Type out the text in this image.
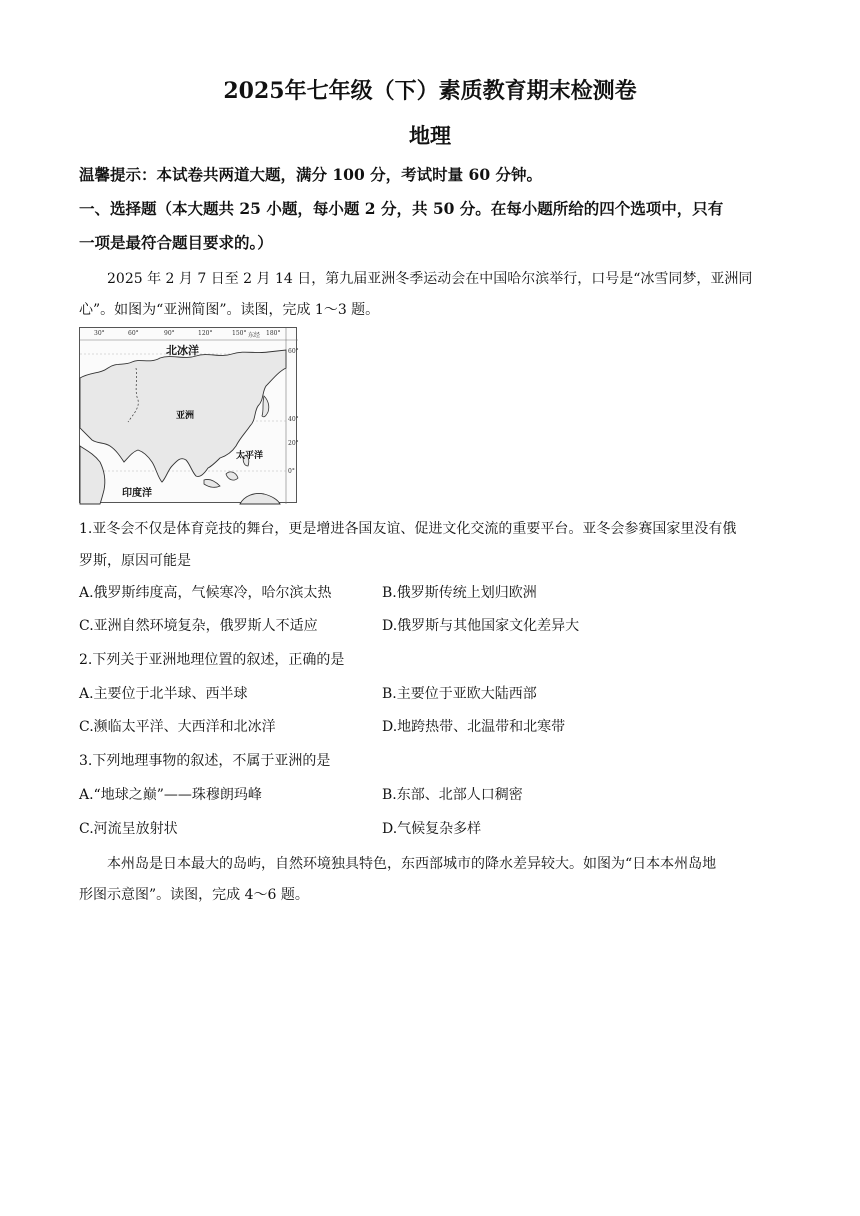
2025年七年级（下）素质教育期末检测卷
地理
温馨提示：本试卷共两道大题，满分 100 分，考试时量 60 分钟。
一、选择题（本大题共 25 小题，每小题 2 分，共 50 分。在每小题所给的四个选项中，只有
一项是最符合题目要求的。）
2025 年 2 月 7 日至 2 月 14 日，第九届亚洲冬季运动会在中国哈尔滨举行，口号是“冰雪同梦，亚洲同
心”。如图为“亚洲简图”。读图，完成 1～3 题。
30°	60°	90°	120°	150° 东经 180°
60°
40°
20°
0°
北冰洋
亚洲
太平洋
印度洋
1.亚冬会不仅是体育竞技的舞台，更是增进各国友谊、促进文化交流的重要平台。亚冬会参赛国家里没有俄
罗斯，原因可能是
A.俄罗斯纬度高，气候寒冷，哈尔滨太热	B.俄罗斯传统上划归欧洲
C.亚洲自然环境复杂，俄罗斯人不适应	D.俄罗斯与其他国家文化差异大
2.下列关于亚洲地理位置的叙述，正确的是
A.主要位于北半球、西半球	B.主要位于亚欧大陆西部
C.濒临太平洋、大西洋和北冰洋	D.地跨热带、北温带和北寒带
3.下列地理事物的叙述，不属于亚洲的是
A.“地球之巅”——珠穆朗玛峰	B.东部、北部人口稠密
C.河流呈放射状	D.气候复杂多样
本州岛是日本最大的岛屿，自然环境独具特色，东西部城市的降水差异较大。如图为“日本本州岛地
形图示意图”。读图，完成 4～6 题。
